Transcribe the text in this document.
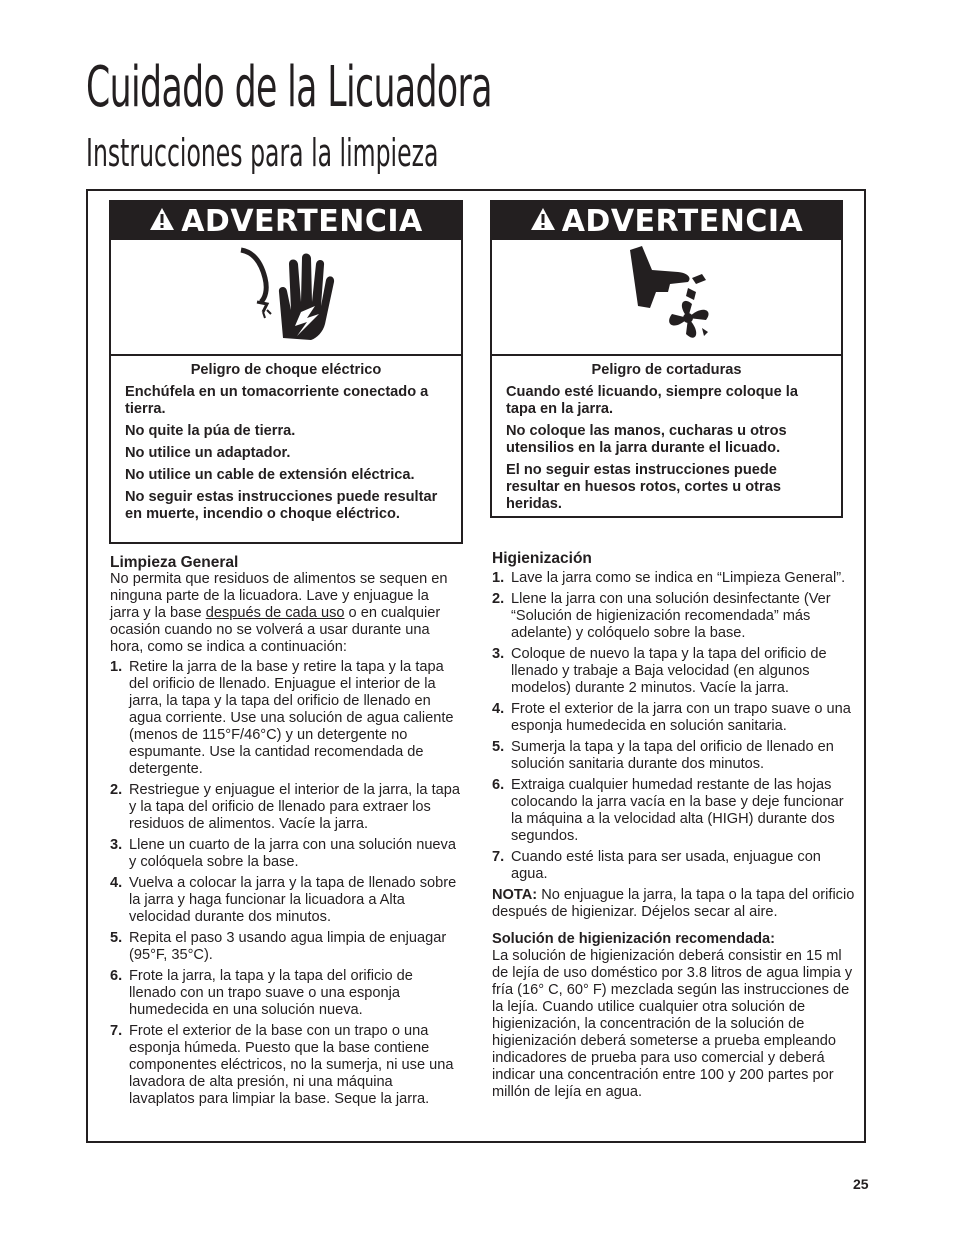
Cuidado de la Licuadora
Instrucciones para la limpieza
ADVERTENCIA
Peligro de choque eléctrico

Enchúfela en un tomacorriente conectado a tierra.

No quite la púa de tierra.

No utilice un adaptador.

No utilice un cable de extensión eléctrica.

No seguir estas instrucciones puede resultar en muerte, incendio o choque eléctrico.

ADVERTENCIA
Peligro de cortaduras

Cuando esté licuando, siempre coloque la tapa en la jarra.

No coloque las manos, cucharas u otros utensilios en la jarra durante el licuado.

El no seguir estas instrucciones puede resultar en huesos rotos, cortes u otras heridas.

Limpieza General

No permita que residuos de alimentos se sequen en ninguna parte de la licuadora. Lave y enjuague la jarra y la base después de cada uso o en cualquier ocasión cuando no se volverá a usar durante una hora, como se indica a continuación:

1. Retire la jarra de la base y retire la tapa y la tapa del orificio de llenado. Enjuague el interior de la jarra, la tapa y la tapa del orificio de llenado en agua corriente. Use una solución de agua caliente (menos de 115°F/46°C) y un detergente no espumante. Use la cantidad recomendada de detergente.
2. Restriegue y enjuague el interior de la jarra, la tapa y la tapa del orificio de llenado para extraer los residuos de alimentos. Vacíe la jarra.
3. Llene un cuarto de la jarra con una solución nueva y colóquela sobre la base.
4. Vuelva a colocar la jarra y la tapa de llenado sobre la jarra y haga funcionar la licuadora a Alta velocidad durante dos minutos.
5. Repita el paso 3 usando agua limpia de enjuagar (95°F, 35°C).
6. Frote la jarra, la tapa y la tapa del orificio de llenado con un trapo suave o una esponja humedecida en una solución nueva.
7. Frote el exterior de la base con un trapo o una esponja húmeda. Puesto que la base contiene componentes eléctricos, no la sumerja, ni use una lavadora de alta presión, ni una máquina lavaplatos para limpiar la base. Seque la jarra.
Higienización
1. Lave la jarra como se indica en “Limpieza General”.
2. Llene la jarra con una solución desinfectante (Ver “Solución de higienización recomendada” más adelante) y colóquelo sobre la base.
3. Coloque de nuevo la tapa y la tapa del orificio de llenado y trabaje a Baja velocidad (en algunos modelos) durante 2 minutos. Vacíe la jarra.
4. Frote el exterior de la jarra con un trapo suave o una esponja humedecida en solución sanitaria.
5. Sumerja la tapa y la tapa del orificio de llenado en solución sanitaria durante dos minutos.
6. Extraiga cualquier humedad restante de las hojas colocando la jarra vacía en la base y deje funcionar la máquina a la velocidad alta (HIGH) durante dos segundos.
7. Cuando esté lista para ser usada, enjuague con agua.

NOTA: No enjuague la jarra, la tapa o la tapa del orificio después de higienizar. Déjelos secar al aire.

Solución de higienización recomendada:

La solución de higienización deberá consistir en 15 ml de lejía de uso doméstico por 3.8 litros de agua limpia y fría (16° C, 60° F) mezclada según las instrucciones de la lejía. Cuando utilice cualquier otra solución de higienización, la concentración de la solución de higienización deberá someterse a prueba empleando indicadores de prueba para uso comercial y deberá indicar una concentración entre 100 y 200 partes por millón de lejía en agua.

25
